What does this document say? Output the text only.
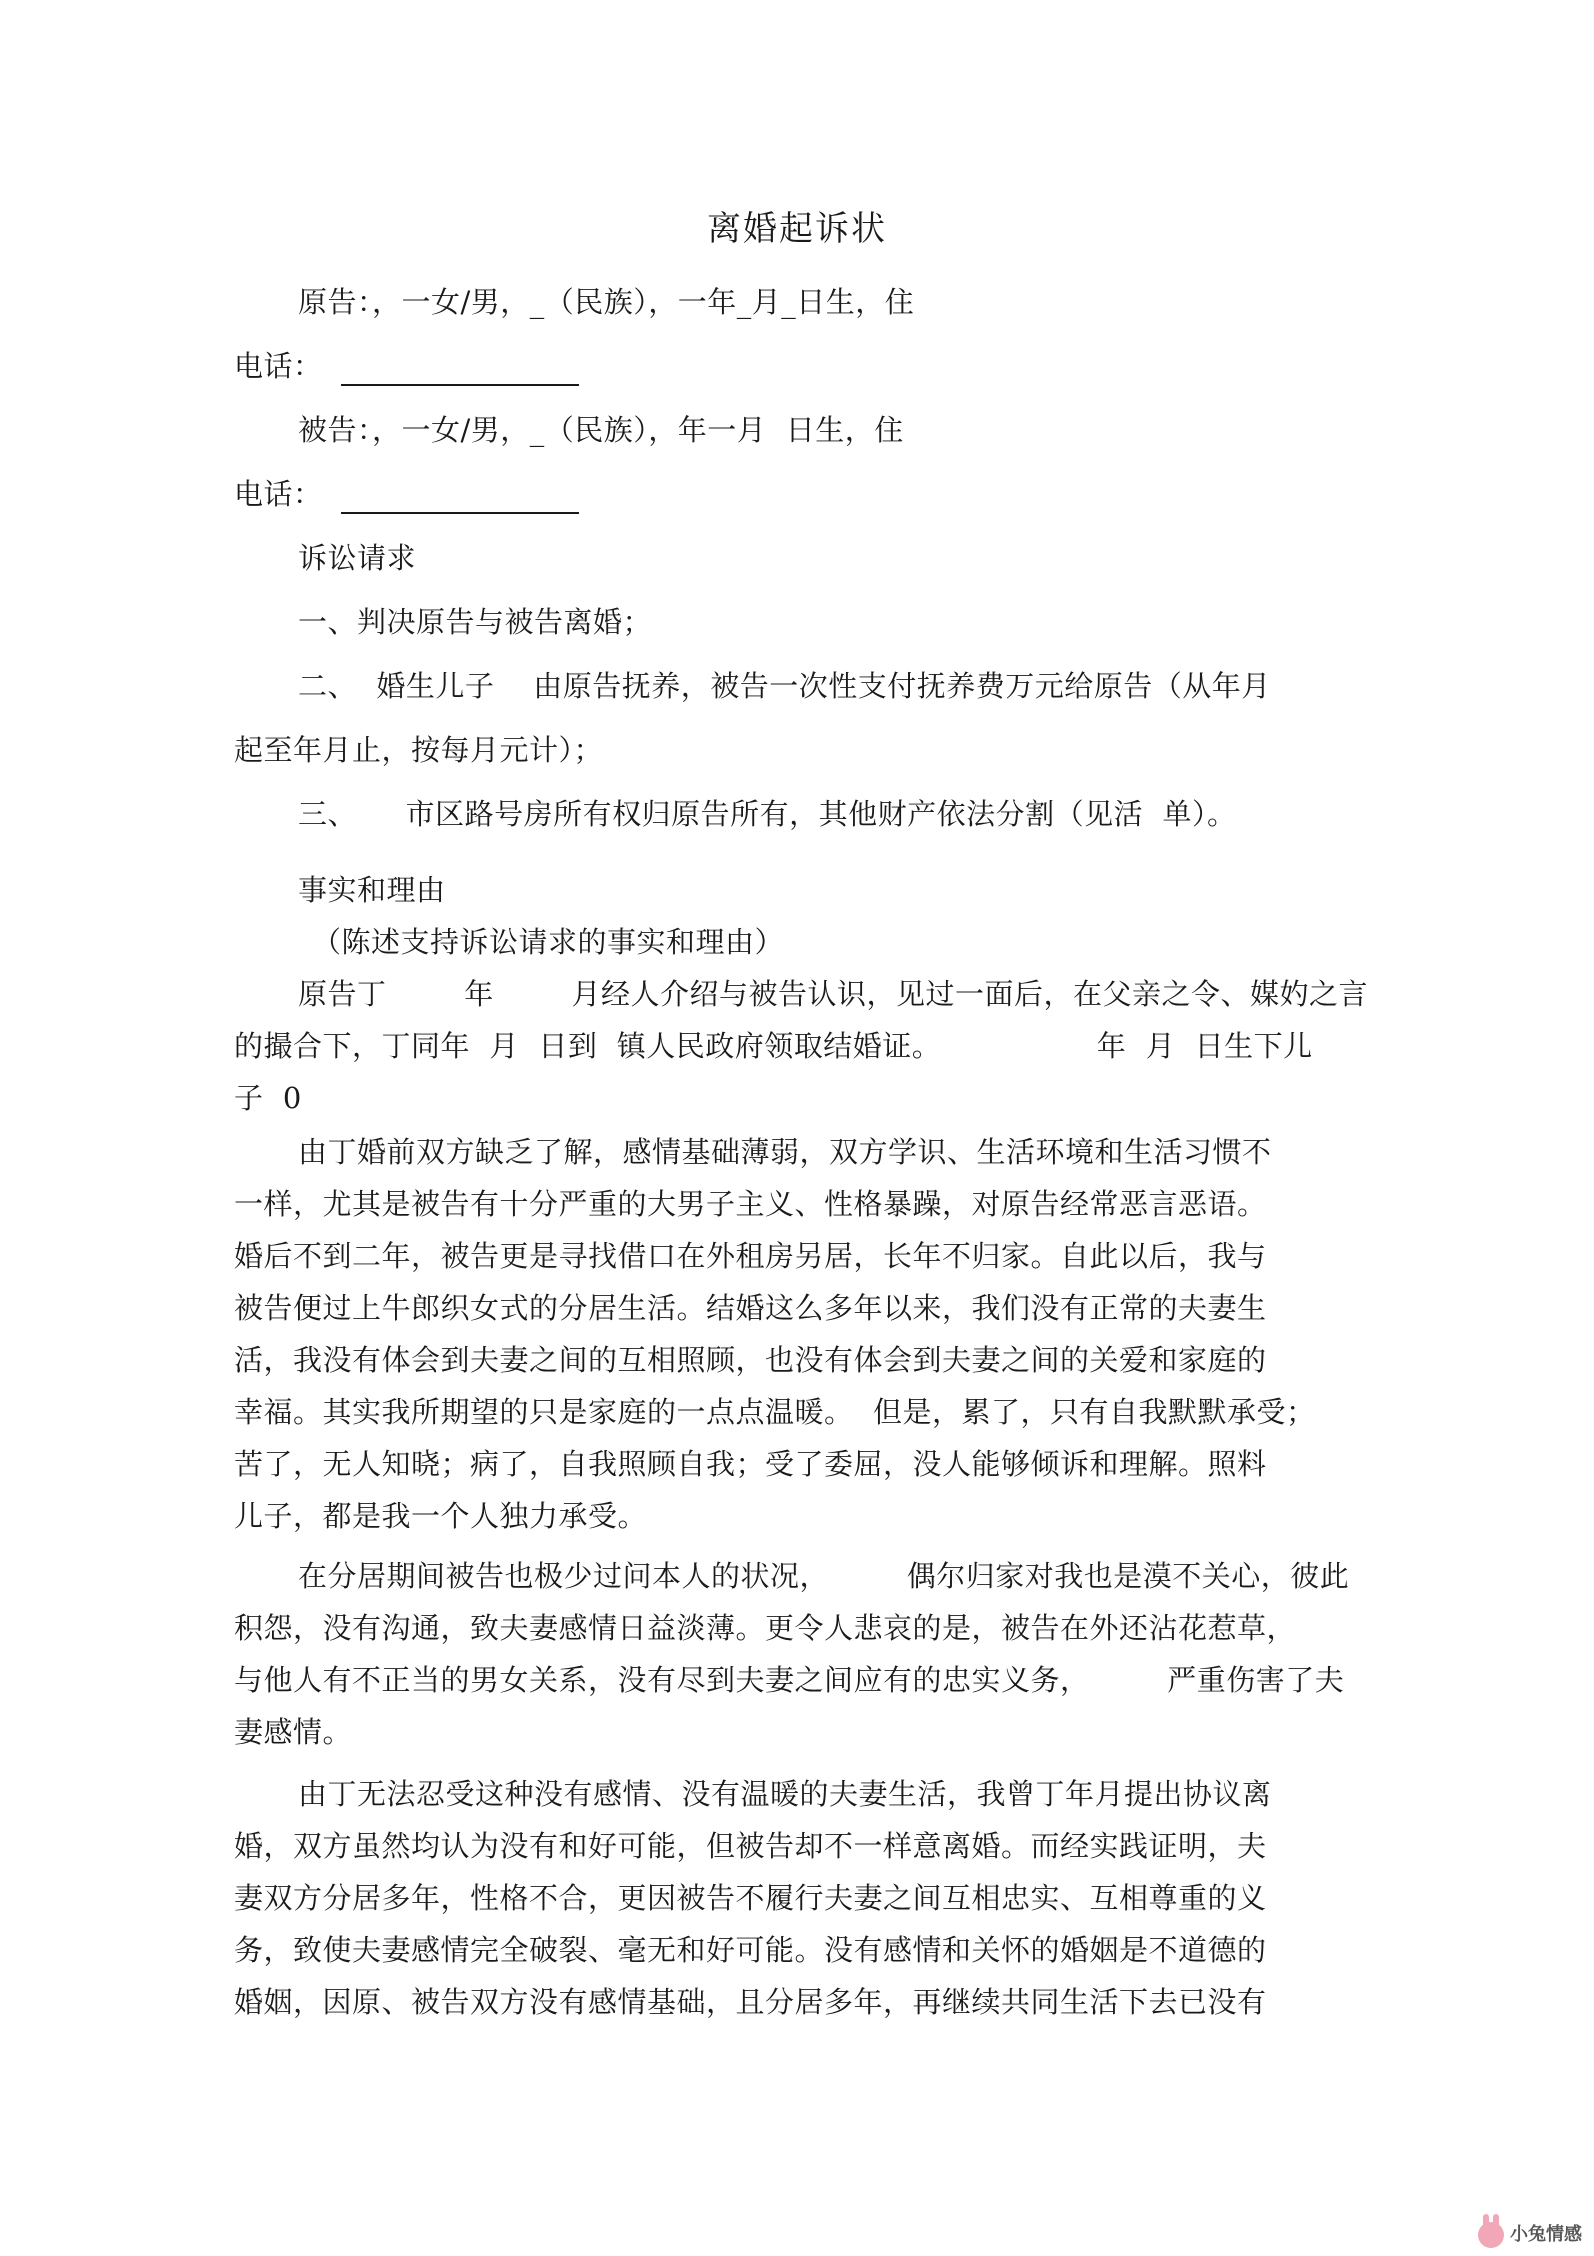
离婚起诉状
原告：，一女/男，_（民族），一年_月_日生，住
电话：
被告：，一女/男，_（民族），年一月  日生，住
电话：
诉讼请求
一、判决原告与被告离婚；
二、  婚生儿子    由原告抚养，被告一次性支付抚养费万元给原告（从年月
起至年月止，按每月元计）；
三、     市区路号房所有权归原告所有，其他财产依法分割（见活  单）。
事实和理由
（陈述支持诉讼请求的事实和理由）
原告丁        年        月经人介绍与被告认识，见过一面后，在父亲之令、媒妁之言
的撮合下，丁同年  月  日到  镇人民政府领取结婚证。                年  月  日生下儿
子  0
由丁婚前双方缺乏了解，感情基础薄弱，双方学识、生活环境和生活习惯不
一样，尤其是被告有十分严重的大男子主义、性格暴躁，对原告经常恶言恶语。
婚后不到二年，被告更是寻找借口在外租房另居，长年不归家。自此以后，我与
被告便过上牛郎织女式的分居生活。结婚这么多年以来，我们没有正常的夫妻生
活，我没有体会到夫妻之间的互相照顾，也没有体会到夫妻之间的关爱和家庭的
幸福。其实我所期望的只是家庭的一点点温暖。  但是，累了，只有自我默默承受；
苦了，无人知晓；病了，自我照顾自我；受了委屈，没人能够倾诉和理解。照料
儿子，都是我一个人独力承受。
在分居期间被告也极少过问本人的状况，        偶尔归家对我也是漠不关心，彼此
积怨，没有沟通，致夫妻感情日益淡薄。更令人悲哀的是，被告在外还沾花惹草，
与他人有不正当的男女关系，没有尽到夫妻之间应有的忠实义务，        严重伤害了夫
妻感情。
由丁无法忍受这种没有感情、没有温暖的夫妻生活，我曾丁年月提出协议离
婚，双方虽然均认为没有和好可能，但被告却不一样意离婚。而经实践证明，夫
妻双方分居多年，性格不合，更因被告不履行夫妻之间互相忠实、互相尊重的义
务，致使夫妻感情完全破裂、毫无和好可能。没有感情和关怀的婚姻是不道德的
婚姻，因原、被告双方没有感情基础，且分居多年，再继续共同生活下去已没有
小兔情感
